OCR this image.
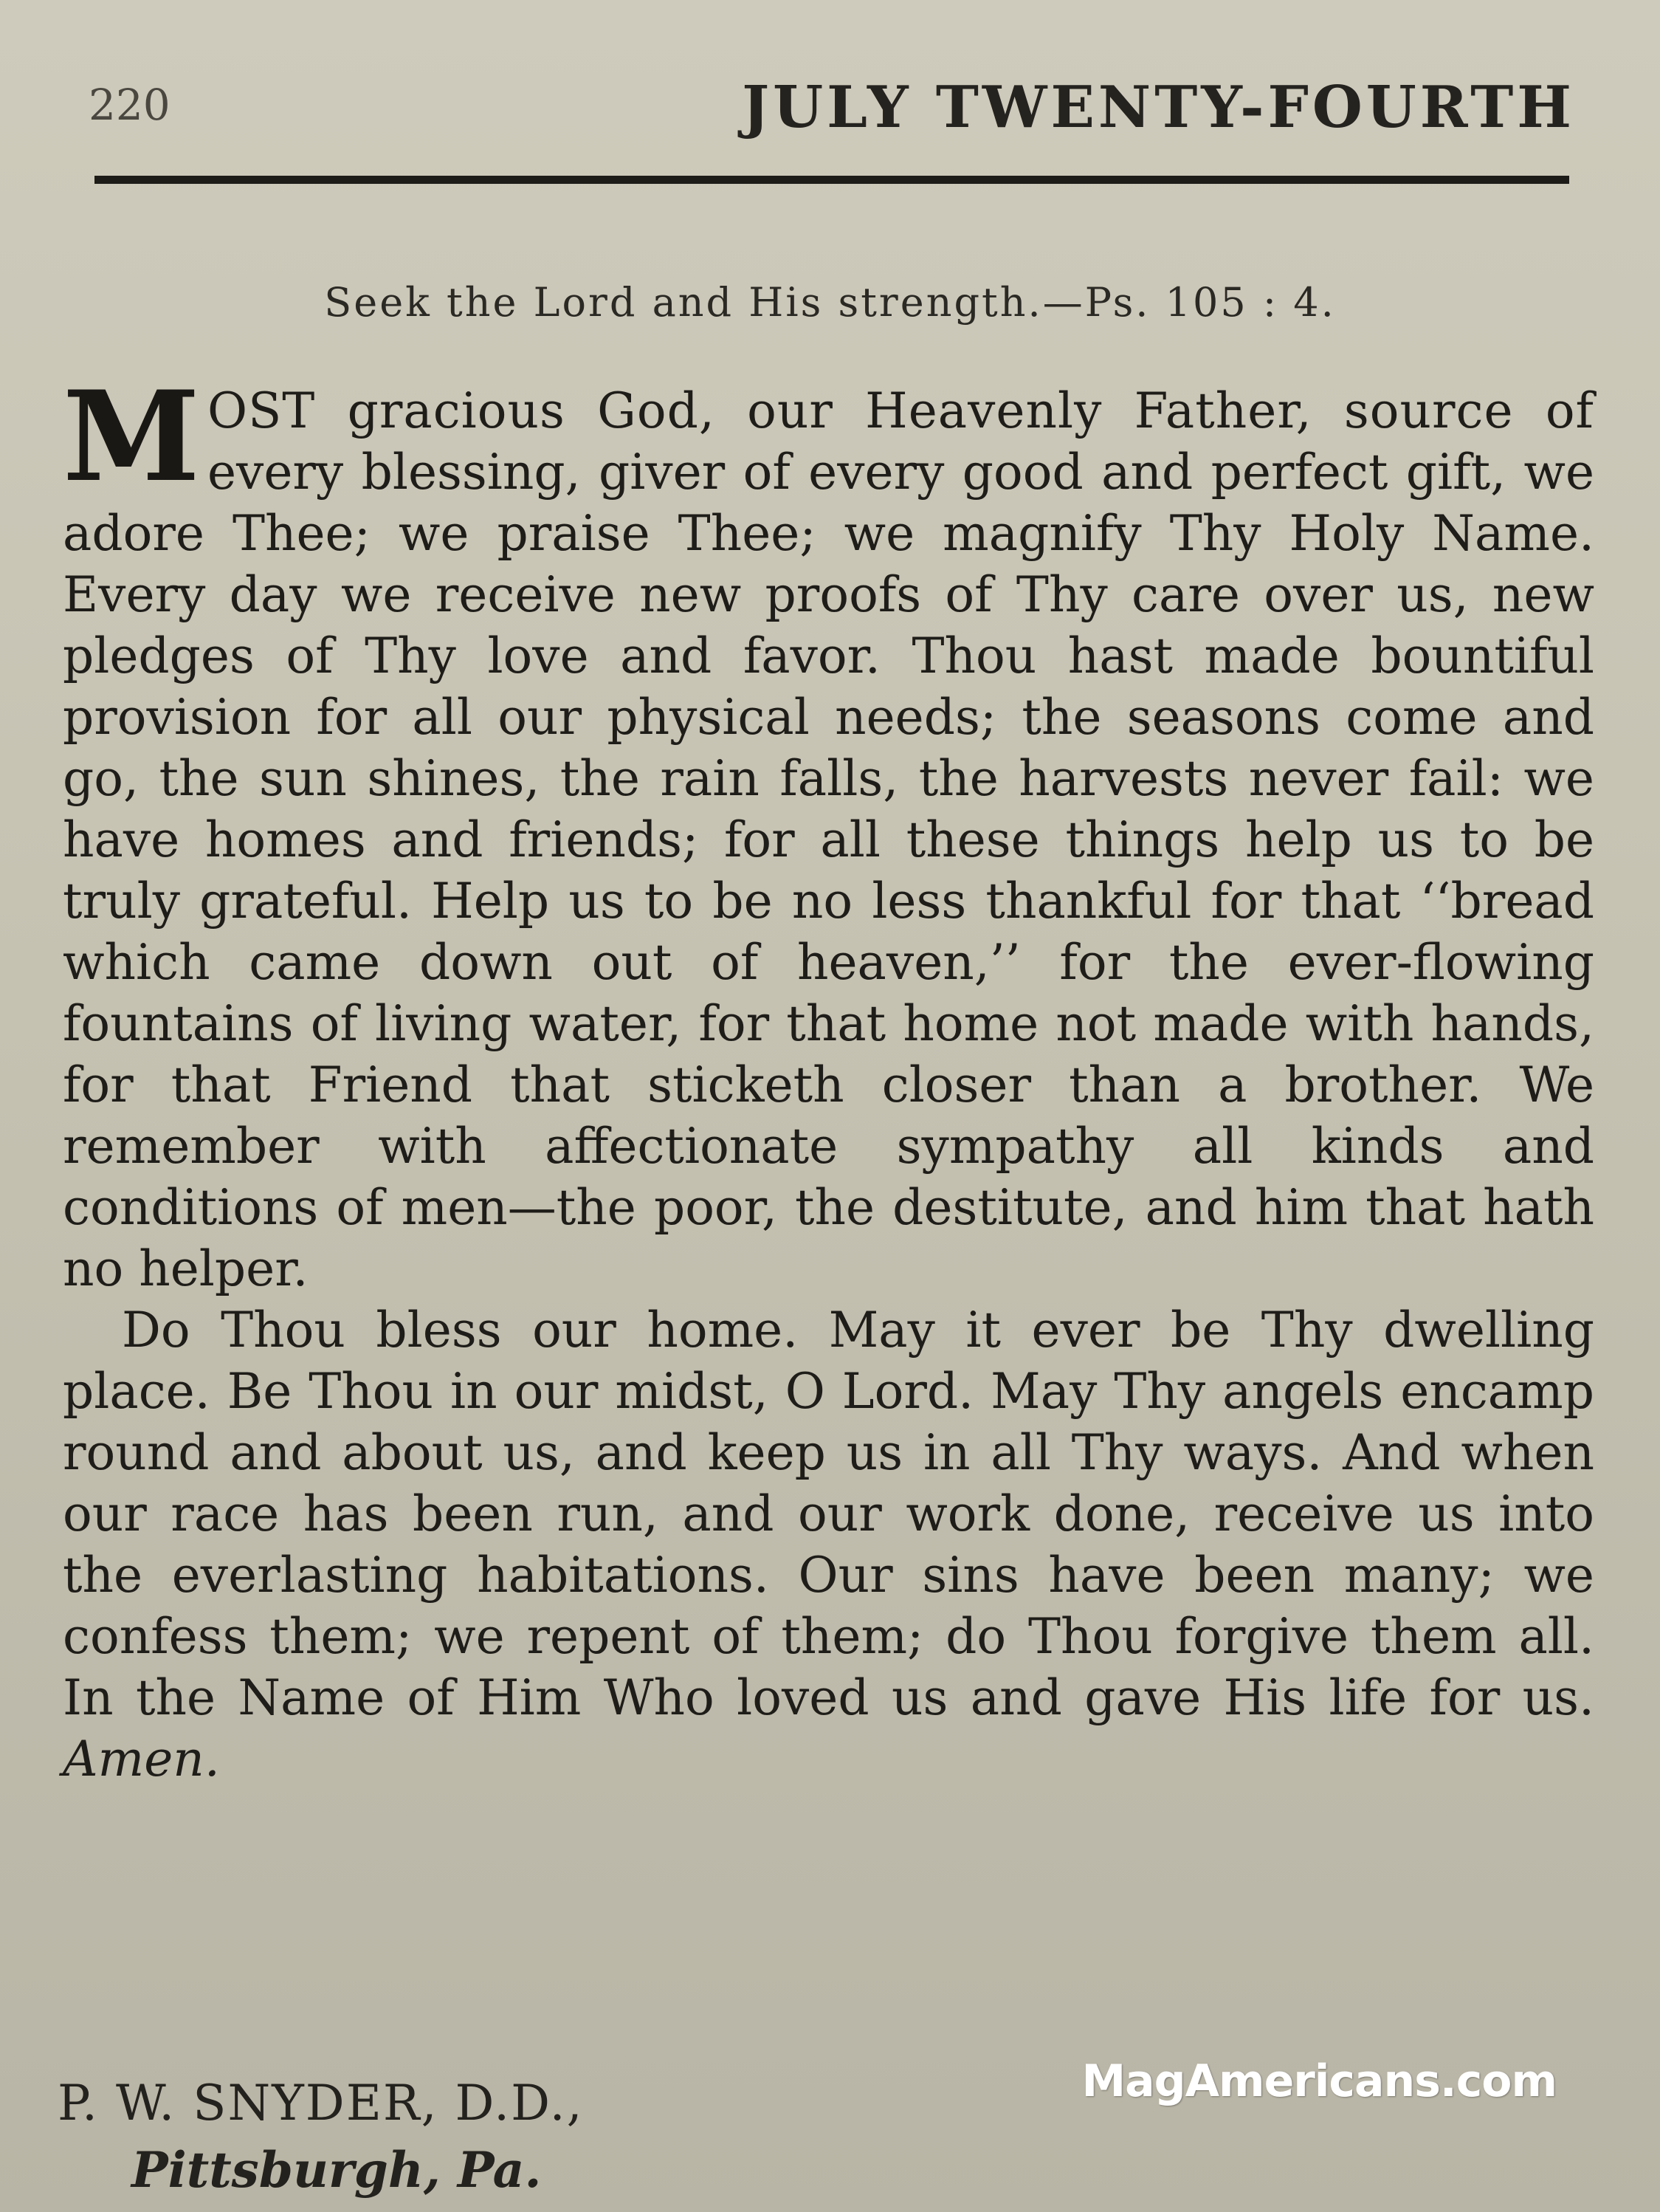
220	JULY TWENTY-FOURTH
Seek the Lord and His strength.—Ps. 105 : 4.

MOST gracious God, our Heavenly Father, source of every blessing, giver of every good and perfect gift, we adore Thee; we praise Thee; we magnify Thy Holy Name. Every day we receive new proofs of Thy care over us, new pledges of Thy love and favor. Thou hast made bountiful provision for all our physical needs; the seasons come and go, the sun shines, the rain falls, the harvests never fail: we have homes and friends; for all these things help us to be truly grateful. Help us to be no less thankful for that ‘‘bread which came down out of heaven,’’ for the ever-flowing fountains of living water, for that home not made with hands, for that Friend that sticketh closer than a brother. We remember with affectionate sympathy all kinds and conditions of men—the poor, the destitute, and him that hath no helper.

Do Thou bless our home. May it ever be Thy dwelling place. Be Thou in our midst, O Lord. May Thy angels encamp round and about us, and keep us in all Thy ways. And when our race has been run, and our work done, receive us into the everlasting habitations. Our sins have been many; we confess them; we repent of them; do Thou forgive them all. In the Name of Him Who loved us and gave His life for us. Amen.

P. W. SNYDER, D.D.,
Pittsburgh, Pa.
MagAmericans.com
